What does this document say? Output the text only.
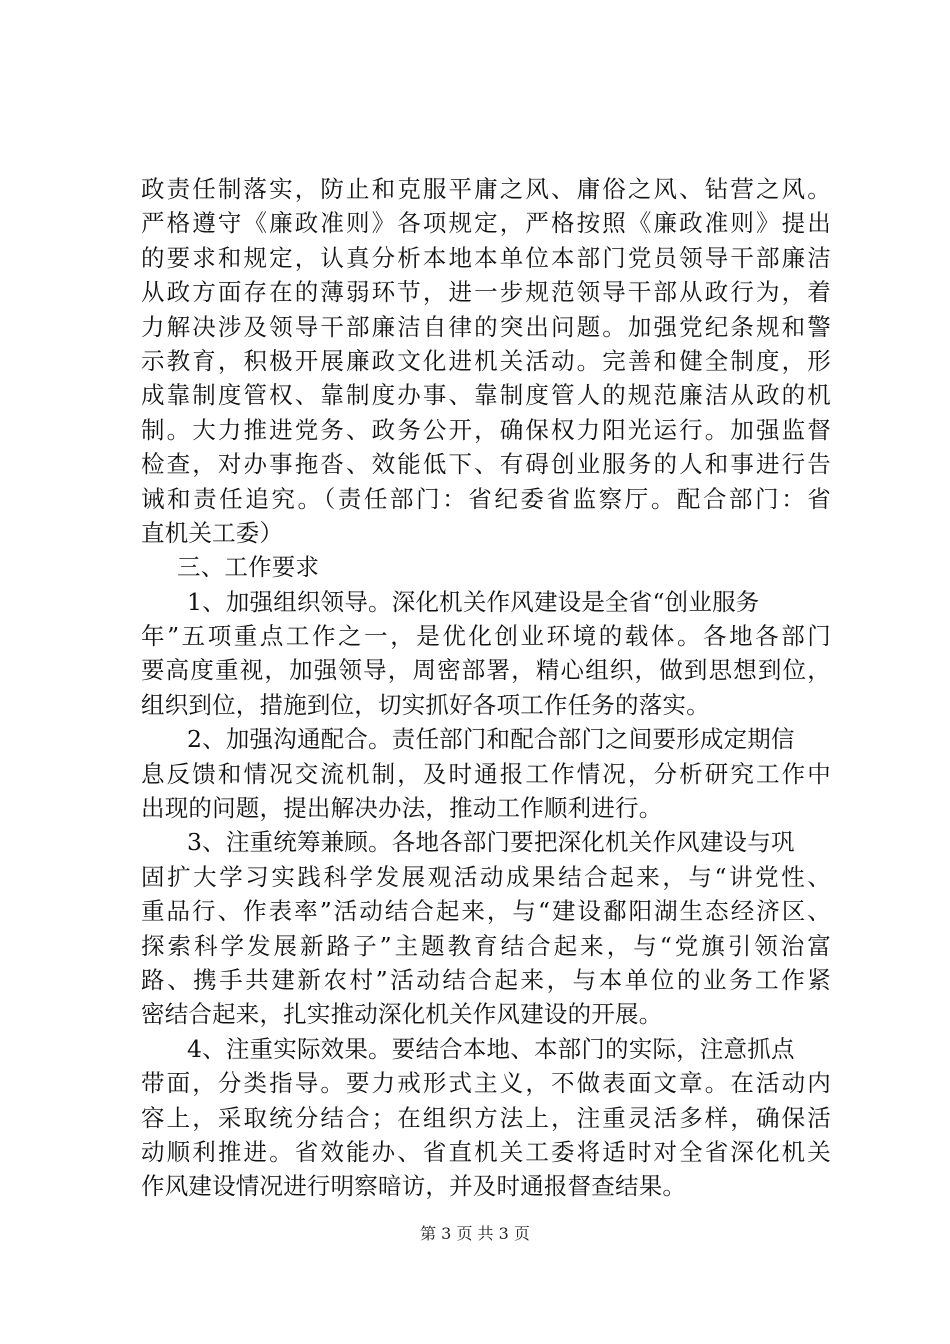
政责任制落实，防止和克服平庸之风、庸俗之风、钻营之风。
严格遵守《廉政准则》各项规定，严格按照《廉政准则》提出
的要求和规定，认真分析本地本单位本部门党员领导干部廉洁
从政方面存在的薄弱环节，进一步规范领导干部从政行为，着
力解决涉及领导干部廉洁自律的突出问题。加强党纪条规和警
示教育，积极开展廉政文化进机关活动。完善和健全制度，形
成靠制度管权、靠制度办事、靠制度管人的规范廉洁从政的机
制。大力推进党务、政务公开，确保权力阳光运行。加强监督
检查，对办事拖沓、效能低下、有碍创业服务的人和事进行告
诫和责任追究。（责任部门：省纪委省监察厅。配合部门：省
直机关工委）
三、工作要求
1、加强组织领导。深化机关作风建设是全省“创业服务
年”五项重点工作之一，是优化创业环境的载体。各地各部门
要高度重视，加强领导，周密部署，精心组织，做到思想到位，
组织到位，措施到位，切实抓好各项工作任务的落实。
2、加强沟通配合。责任部门和配合部门之间要形成定期信
息反馈和情况交流机制，及时通报工作情况，分析研究工作中
出现的问题，提出解决办法，推动工作顺利进行。
3、注重统筹兼顾。各地各部门要把深化机关作风建设与巩
固扩大学习实践科学发展观活动成果结合起来，与“讲党性、
重品行、作表率”活动结合起来，与“建设鄱阳湖生态经济区、
探索科学发展新路子”主题教育结合起来，与“党旗引领治富
路、携手共建新农村”活动结合起来，与本单位的业务工作紧
密结合起来，扎实推动深化机关作风建设的开展。
4、注重实际效果。要结合本地、本部门的实际，注意抓点
带面，分类指导。要力戒形式主义，不做表面文章。在活动内
容上，采取统分结合；在组织方法上，注重灵活多样，确保活
动顺利推进。省效能办、省直机关工委将适时对全省深化机关
作风建设情况进行明察暗访，并及时通报督查结果。
第 3 页 共 3 页
